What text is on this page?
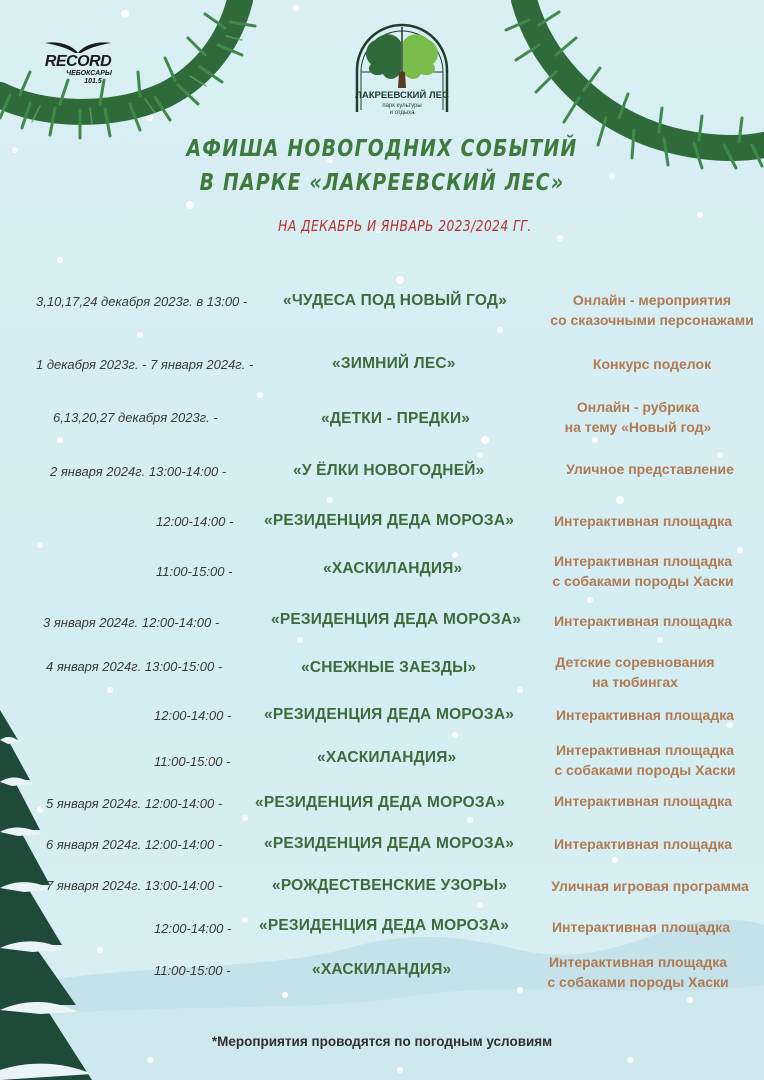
RECORD
ЧЕБОКСАРЫ
101.5
ЛАКРЕЕВСКИЙ ЛЕС
парк культуры
и отдыха
АФИША НОВОГОДНИХ СОБЫТИЙ
В ПАРКЕ «ЛАКРЕЕВСКИЙ ЛЕС»
НА ДЕКАБРЬ И ЯНВАРЬ 2023/2024 ГГ.
3,10,17,24 декабря 2023г. в 13:00 - «ЧУДЕСА ПОД НОВЫЙ ГОД»	Онлайн - мероприятия
со сказочными персонажами
1 декабря 2023г. - 7 января 2024г. -	«ЗИМНИЙ ЛЕС»	Конкурс поделок
6,13,20,27 декабря 2023г. -	«ДЕТКИ - ПРЕДКИ»
Онлайн - рубрика
на тему «Новый год»
2 января 2024г. 13:00-14:00 -	«У ЁЛКИ НОВОГОДНЕЙ»	Уличное представление
12:00-14:00 - «РЕЗИДЕНЦИЯ ДЕДА МОРОЗА»	Интерактивная площадка
11:00-15:00 -	«ХАСКИЛАНДИЯ»	Интерактивная площадка
с собаками породы Хаски
3 января 2024г. 12:00-14:00 -	«РЕЗИДЕНЦИЯ ДЕДА МОРОЗА»	Интерактивная площадка
4 января 2024г. 13:00-15:00 -	«СНЕЖНЫЕ ЗАЕЗДЫ»	Детские соревнования
на тюбингах
12:00-14:00 - «РЕЗИДЕНЦИЯ ДЕДА МОРОЗА»	Интерактивная площадка
11:00-15:00 -	«ХАСКИЛАНДИЯ»	Интерактивная площадка
с собаками породы Хаски
5 января 2024г. 12:00-14:00 - «РЕЗИДЕНЦИЯ ДЕДА МОРОЗА»	Интерактивная площадка
6 января 2024г. 12:00-14:00 -	«РЕЗИДЕНЦИЯ ДЕДА МОРОЗА»	Интерактивная площадка
7 января 2024г. 13:00-14:00 -	«РОЖДЕСТВЕНСКИЕ УЗОРЫ»	Уличная игровая программа
12:00-14:00 - «РЕЗИДЕНЦИЯ ДЕДА МОРОЗА»	Интерактивная площадка
11:00-15:00 -	«ХАСКИЛАНДИЯ»	Интерактивная площадка
с собаками породы Хаски
*Мероприятия проводятся по погодным условиям
